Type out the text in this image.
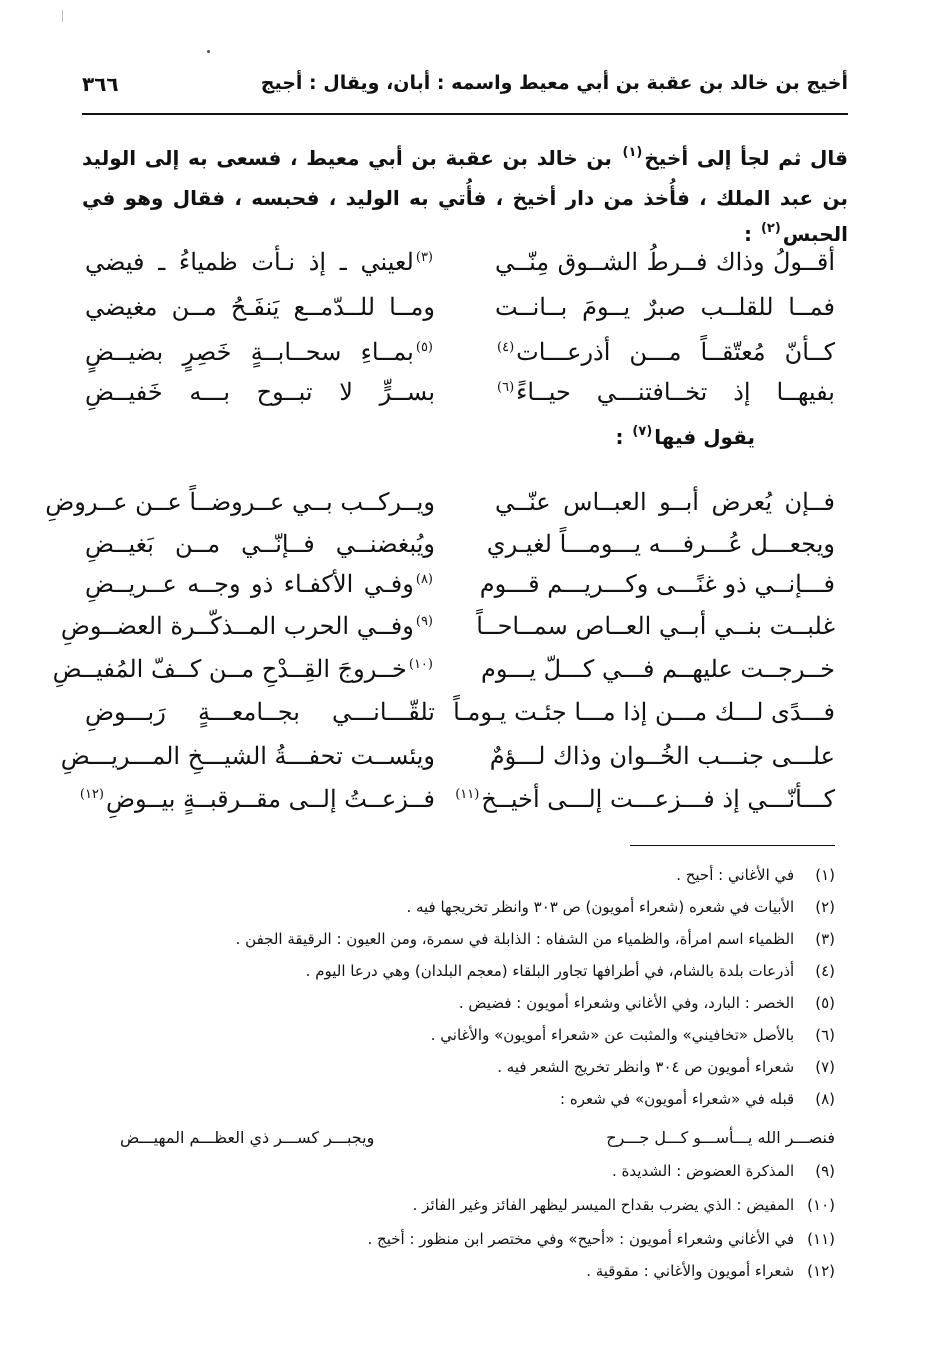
أخيج بن خالد بن عقبة بن أبي معيط واسمه : أبان، ويقال : أجيج
٣٦٦
قال ثم لجأ إلى أخيخ$^{(١)}$ بن خالد بن عقبة بن أبي معيط ، فسعى به إلى الوليد بن عبد الملك ، فأُخذ من دار أخيخ ، فأُتي به الوليد ، فحبسه ، فقال وهو في الحبس$^{(٢)}$ :
أقــولُ وذاك فــرطُ الشــوق مِنّــي
$^{(٣)}$لعيني ـ إذ نـأت ظمياءُ ـ فيضي
فمــا للقلــب صبرٌ يــومَ بــانــت
ومــا للــدّمــع يَنفَـحُ مــن مغيضي
كــأنّ مُعتّقــاً مـــن أذرعـــات$^{(٤)}$
$^{(٥)}$بمــاءِ سحــابــةٍ خَصِرٍ بضيــضٍ
بفيهــا إذ تخــافتنـــي حيــاءً$^{(٦)}$
بســرٍّ لا تبــوح بـــه خَفيــضِ
يقول فيها$^{(٧)}$ :
فــإن يُعرض أبــو العبــاس عنّــي
ويــركــب بــي عــروضــاً عــن عــروضِ
ويجعـــل عُـــرفـــه يـــومـــاً لغيـري
ويُبغضنــي فــإنّــي مــن بَغيــضِ
فـــإنــي ذو غنًـــى وكـــريـــم قـــوم
$^{(٨)}$وفـي الأكفـاء ذو وجــه عــريــضِ
غلبــت بنــي أبــي العــاص سمــاحــاً
$^{(٩)}$وفــي الحرب المــذكّــرة العضــوضِ
خــرجــت عليهــم فـــي كـــلّ يـــوم
$^{(١٠)}$خــروجَ القِــدْحِ مــن كــفّ المُفيــضِ
فـــدًى لـــك مـــن إذا مـــا جئـت يـومـاً
تلقّـــانـــي بجــامعـــةٍ رَبـــوضِ
علـــى جنـــب الخُــوان وذاك لـــؤمٌ
ويئســت تحفـــةُ الشيـــخِ المـــريـــضِ
كـــأنّـــي إذ فـــزعـــت إلـــى أخيــخ$^{(١١)}$
فــزعــتُ إلــى مقــرقبــةٍ بيــوضِ$^{(١٢)}$
(١) في الأغاني : أحيح .
(٢) الأبيات في شعره (شعراء أمويون) ص ٣٠٣ وانظر تخريجها فيه .
(٣) الظمياء اسم امرأة، والظمياء من الشفاه : الذابلة في سمرة، ومن العيون : الرقيقة الجفن .
(٤) أذرعات بلدة بالشام، في أطرافها تجاور البلقاء (معجم البلدان) وهي درعا اليوم .
(٥) الخصر : البارد، وفي الأغاني وشعراء أمويون : فضيض .
(٦) بالأصل «تخافيني» والمثبت عن «شعراء أمويون» والأغاني .
(٧) شعراء أمويون ص ٣٠٤ وانظر تخريج الشعر فيه .
(٨) قبله في «شعراء أمويون» في شعره :
فنصـــر الله يـــأســـو كـــل جـــرح
ويجبـــر كســـر ذي العظـــم المهيـــض
(٩) المذكرة العضوض : الشديدة .
(١٠) المفيض : الذي يضرب بقداح الميسر ليظهر الفائز وغير الفائز .
(١١) في الأغاني وشعراء أمويون : «أحيح» وفي مختصر ابن منظور : أخيج .
(١٢) شعراء أمويون والأغاني : مقوقية .
